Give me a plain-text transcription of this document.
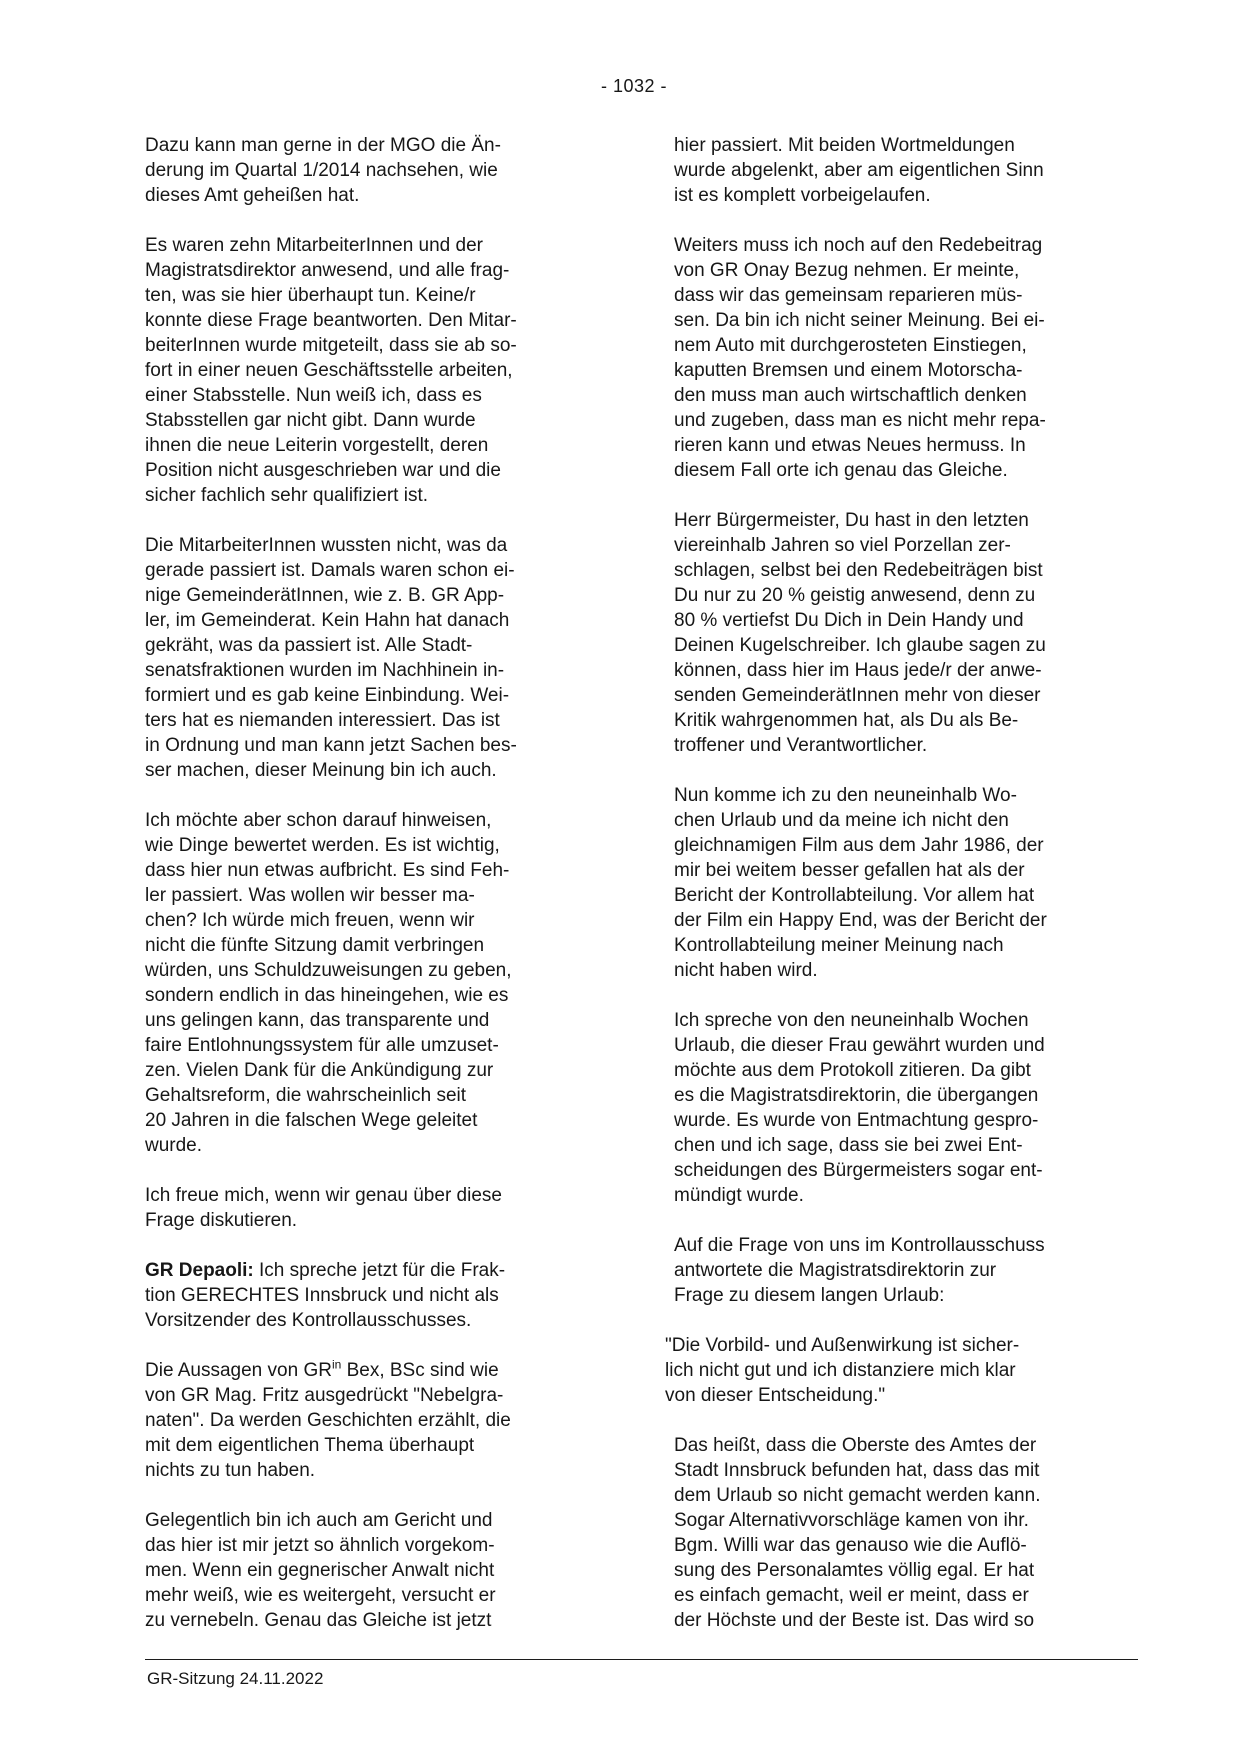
- 1032 -

Dazu kann man gerne in der MGO die Än-
derung im Quartal 1/2014 nachsehen, wie
dieses Amt geheißen hat.

Es waren zehn MitarbeiterInnen und der
Magistratsdirektor anwesend, und alle frag-
ten, was sie hier überhaupt tun. Keine/r
konnte diese Frage beantworten. Den Mitar-
beiterInnen wurde mitgeteilt, dass sie ab so-
fort in einer neuen Geschäftsstelle arbeiten,
einer Stabsstelle. Nun weiß ich, dass es
Stabsstellen gar nicht gibt. Dann wurde
ihnen die neue Leiterin vorgestellt, deren
Position nicht ausgeschrieben war und die
sicher fachlich sehr qualifiziert ist.

Die MitarbeiterInnen wussten nicht, was da
gerade passiert ist. Damals waren schon ei-
nige GemeinderätInnen, wie z. B. GR App-
ler, im Gemeinderat. Kein Hahn hat danach
gekräht, was da passiert ist. Alle Stadt-
senatsfraktionen wurden im Nachhinein in-
formiert und es gab keine Einbindung. Wei-
ters hat es niemanden interessiert. Das ist
in Ordnung und man kann jetzt Sachen bes-
ser machen, dieser Meinung bin ich auch.

Ich möchte aber schon darauf hinweisen,
wie Dinge bewertet werden. Es ist wichtig,
dass hier nun etwas aufbricht. Es sind Feh-
ler passiert. Was wollen wir besser ma-
chen? Ich würde mich freuen, wenn wir
nicht die fünfte Sitzung damit verbringen
würden, uns Schuldzuweisungen zu geben,
sondern endlich in das hineingehen, wie es
uns gelingen kann, das transparente und
faire Entlohnungssystem für alle umzuset-
zen. Vielen Dank für die Ankündigung zur
Gehaltsreform, die wahrscheinlich seit
20 Jahren in die falschen Wege geleitet
wurde.

Ich freue mich, wenn wir genau über diese
Frage diskutieren.

GR Depaoli: Ich spreche jetzt für die Frak-
tion GERECHTES Innsbruck und nicht als
Vorsitzender des Kontrollausschusses.

Die Aussagen von $GR^{in}$ Bex, BSc sind wie
von GR Mag. Fritz ausgedrückt "Nebelgra-
naten". Da werden Geschichten erzählt, die
mit dem eigentlichen Thema überhaupt
nichts zu tun haben.

Gelegentlich bin ich auch am Gericht und
das hier ist mir jetzt so ähnlich vorgekom-
men. Wenn ein gegnerischer Anwalt nicht
mehr weiß, wie es weitergeht, versucht er
zu vernebeln. Genau das Gleiche ist jetzt

hier passiert. Mit beiden Wortmeldungen
wurde abgelenkt, aber am eigentlichen Sinn
ist es komplett vorbeigelaufen.

Weiters muss ich noch auf den Redebeitrag
von GR Onay Bezug nehmen. Er meinte,
dass wir das gemeinsam reparieren müs-
sen. Da bin ich nicht seiner Meinung. Bei ei-
nem Auto mit durchgerosteten Einstiegen,
kaputten Bremsen und einem Motorscha-
den muss man auch wirtschaftlich denken
und zugeben, dass man es nicht mehr repa-
rieren kann und etwas Neues hermuss. In
diesem Fall orte ich genau das Gleiche.

Herr Bürgermeister, Du hast in den letzten
viereinhalb Jahren so viel Porzellan zer-
schlagen, selbst bei den Redebeiträgen bist
Du nur zu 20 % geistig anwesend, denn zu
80 % vertiefst Du Dich in Dein Handy und
Deinen Kugelschreiber. Ich glaube sagen zu
können, dass hier im Haus jede/r der anwe-
senden GemeinderätInnen mehr von dieser
Kritik wahrgenommen hat, als Du als Be-
troffener und Verantwortlicher.

Nun komme ich zu den neuneinhalb Wo-
chen Urlaub und da meine ich nicht den
gleichnamigen Film aus dem Jahr 1986, der
mir bei weitem besser gefallen hat als der
Bericht der Kontrollabteilung. Vor allem hat
der Film ein Happy End, was der Bericht der
Kontrollabteilung meiner Meinung nach
nicht haben wird.

Ich spreche von den neuneinhalb Wochen
Urlaub, die dieser Frau gewährt wurden und
möchte aus dem Protokoll zitieren. Da gibt
es die Magistratsdirektorin, die übergangen
wurde. Es wurde von Entmachtung gespro-
chen und ich sage, dass sie bei zwei Ent-
scheidungen des Bürgermeisters sogar ent-
mündigt wurde.

Auf die Frage von uns im Kontrollausschuss
antwortete die Magistratsdirektorin zur
Frage zu diesem langen Urlaub:

"Die Vorbild- und Außenwirkung ist sicher-
lich nicht gut und ich distanziere mich klar
von dieser Entscheidung."

Das heißt, dass die Oberste des Amtes der
Stadt Innsbruck befunden hat, dass das mit
dem Urlaub so nicht gemacht werden kann.
Sogar Alternativvorschläge kamen von ihr.
Bgm. Willi war das genauso wie die Auflö-
sung des Personalamtes völlig egal. Er hat
es einfach gemacht, weil er meint, dass er
der Höchste und der Beste ist. Das wird so

GR-Sitzung 24.11.2022
